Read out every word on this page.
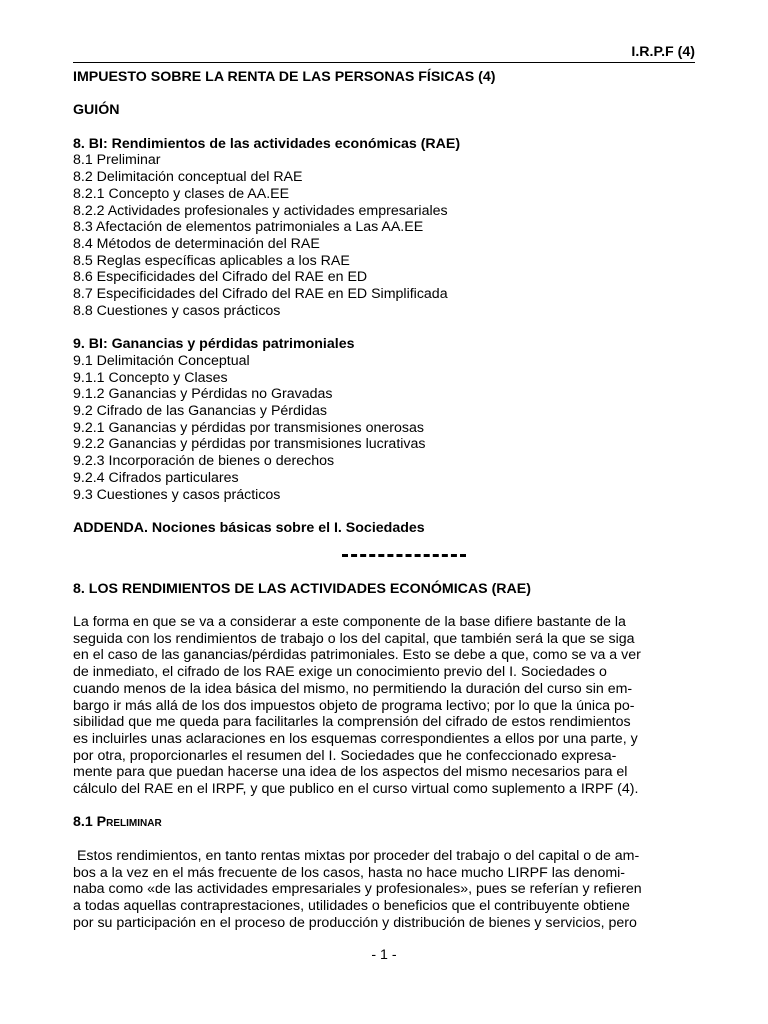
I.R.P.F (4)
IMPUESTO SOBRE LA RENTA DE LAS PERSONAS FÍSICAS (4)
GUIÓN
8. BI: Rendimientos de las actividades económicas (RAE)
8.1 Preliminar
8.2 Delimitación conceptual del RAE
8.2.1 Concepto y clases de AA.EE
8.2.2 Actividades profesionales y actividades empresariales
8.3 Afectación de elementos patrimoniales a Las AA.EE
8.4 Métodos de determinación del RAE
8.5 Reglas específicas aplicables a los RAE
8.6 Especificidades del Cifrado del RAE en ED
8.7 Especificidades del Cifrado del RAE en ED Simplificada
8.8 Cuestiones y casos prácticos
9. BI: Ganancias y pérdidas patrimoniales
9.1 Delimitación Conceptual
9.1.1 Concepto y Clases
9.1.2 Ganancias y Pérdidas no Gravadas
9.2 Cifrado de las Ganancias y Pérdidas
9.2.1 Ganancias y pérdidas por transmisiones onerosas
9.2.2 Ganancias y pérdidas por transmisiones lucrativas
9.2.3 Incorporación de bienes o derechos
9.2.4 Cifrados particulares
9.3 Cuestiones y casos prácticos
ADDENDA. Nociones básicas sobre el I. Sociedades
8. LOS RENDIMIENTOS DE LAS ACTIVIDADES ECONÓMICAS (RAE)
La forma en que se va a considerar a este componente de la base difiere bastante de la
seguida con los rendimientos de trabajo o los del capital, que también será la que se siga
en el caso de las ganancias/pérdidas patrimoniales. Esto se debe a que, como se va a ver
de inmediato, el cifrado de los RAE exige un conocimiento previo del I. Sociedades o
cuando menos de la idea básica del mismo, no permitiendo la duración del curso sin em-
bargo ir más allá de los dos impuestos objeto de programa lectivo; por lo que la única po-
sibilidad que me queda para facilitarles la comprensión del cifrado de estos rendimientos
es incluirles unas aclaraciones en los esquemas correspondientes a ellos por una parte, y
por otra, proporcionarles el resumen del I. Sociedades que he confeccionado expresa-
mente para que puedan hacerse una idea de los aspectos del mismo necesarios para el
cálculo del RAE en el IRPF, y que publico en el curso virtual como suplemento a IRPF (4).
8.1 Preliminar
Estos rendimientos, en tanto rentas mixtas por proceder del trabajo o del capital o de am-
bos a la vez en el más frecuente de los casos, hasta no hace mucho LIRPF las denomi-
naba como «de las actividades empresariales y profesionales», pues se referían y refieren
a todas aquellas contraprestaciones, utilidades o beneficios que el contribuyente obtiene
por su participación en el proceso de producción y distribución de bienes y servicios, pero
- 1 -
